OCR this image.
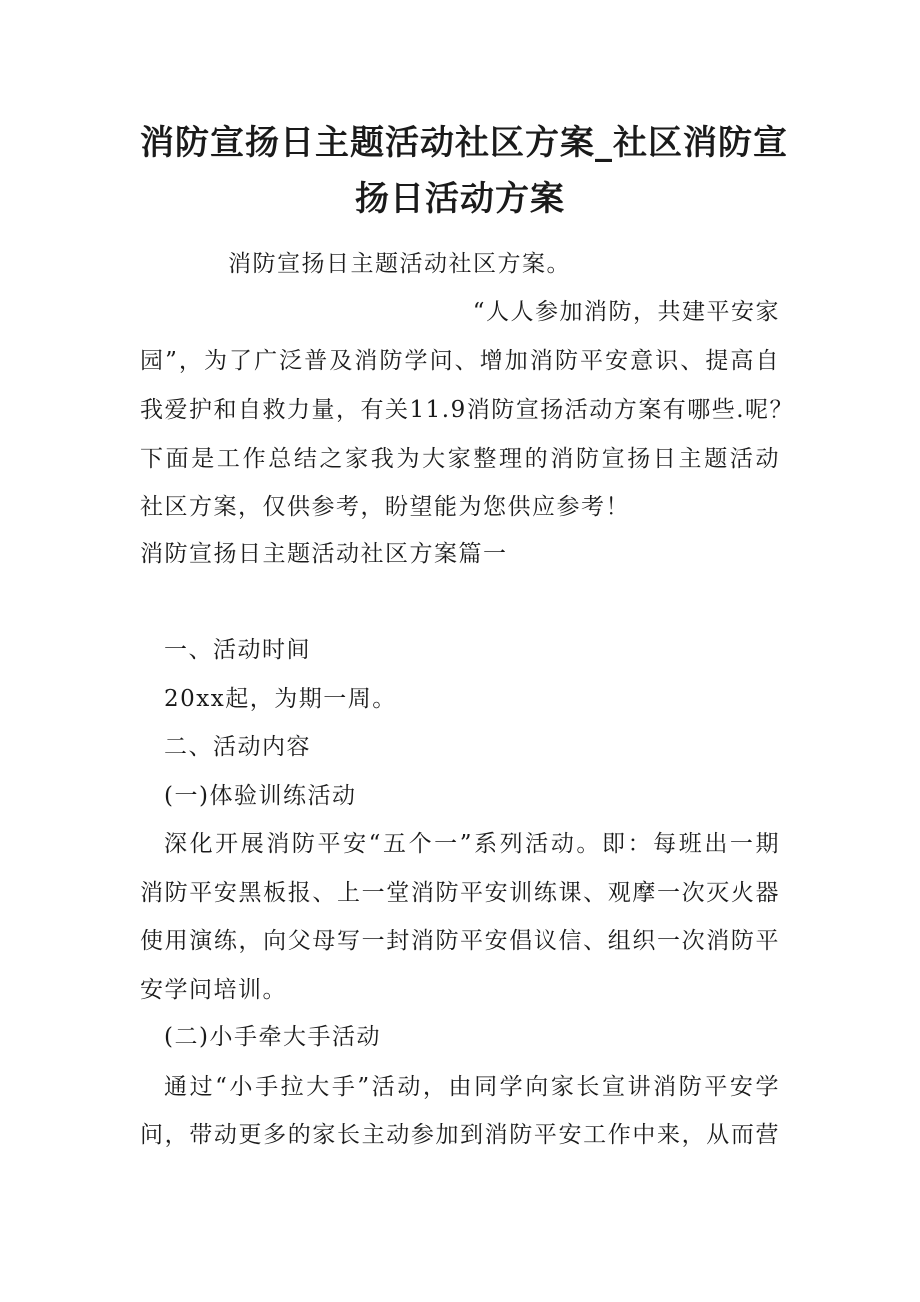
消防宣扬日主题活动社区方案_社区消防宣
扬日活动方案
消防宣扬日主题活动社区方案。
“人人参加消防，共建平安家
园”，为了广泛普及消防学问、增加消防平安意识、提高自
我爱护和自救力量，有关11.9消防宣扬活动方案有哪些.呢？
下面是工作总结之家我为大家整理的消防宣扬日主题活动
社区方案，仅供参考，盼望能为您供应参考！
消防宣扬日主题活动社区方案篇一
一、活动时间
20xx起，为期一周。
二、活动内容
(一)体验训练活动
深化开展消防平安“五个一”系列活动。即：每班出一期
消防平安黑板报、上一堂消防平安训练课、观摩一次灭火器
使用演练，向父母写一封消防平安倡议信、组织一次消防平
安学问培训。
(二)小手牵大手活动
通过“小手拉大手”活动，由同学向家长宣讲消防平安学
问，带动更多的家长主动参加到消防平安工作中来，从而营
